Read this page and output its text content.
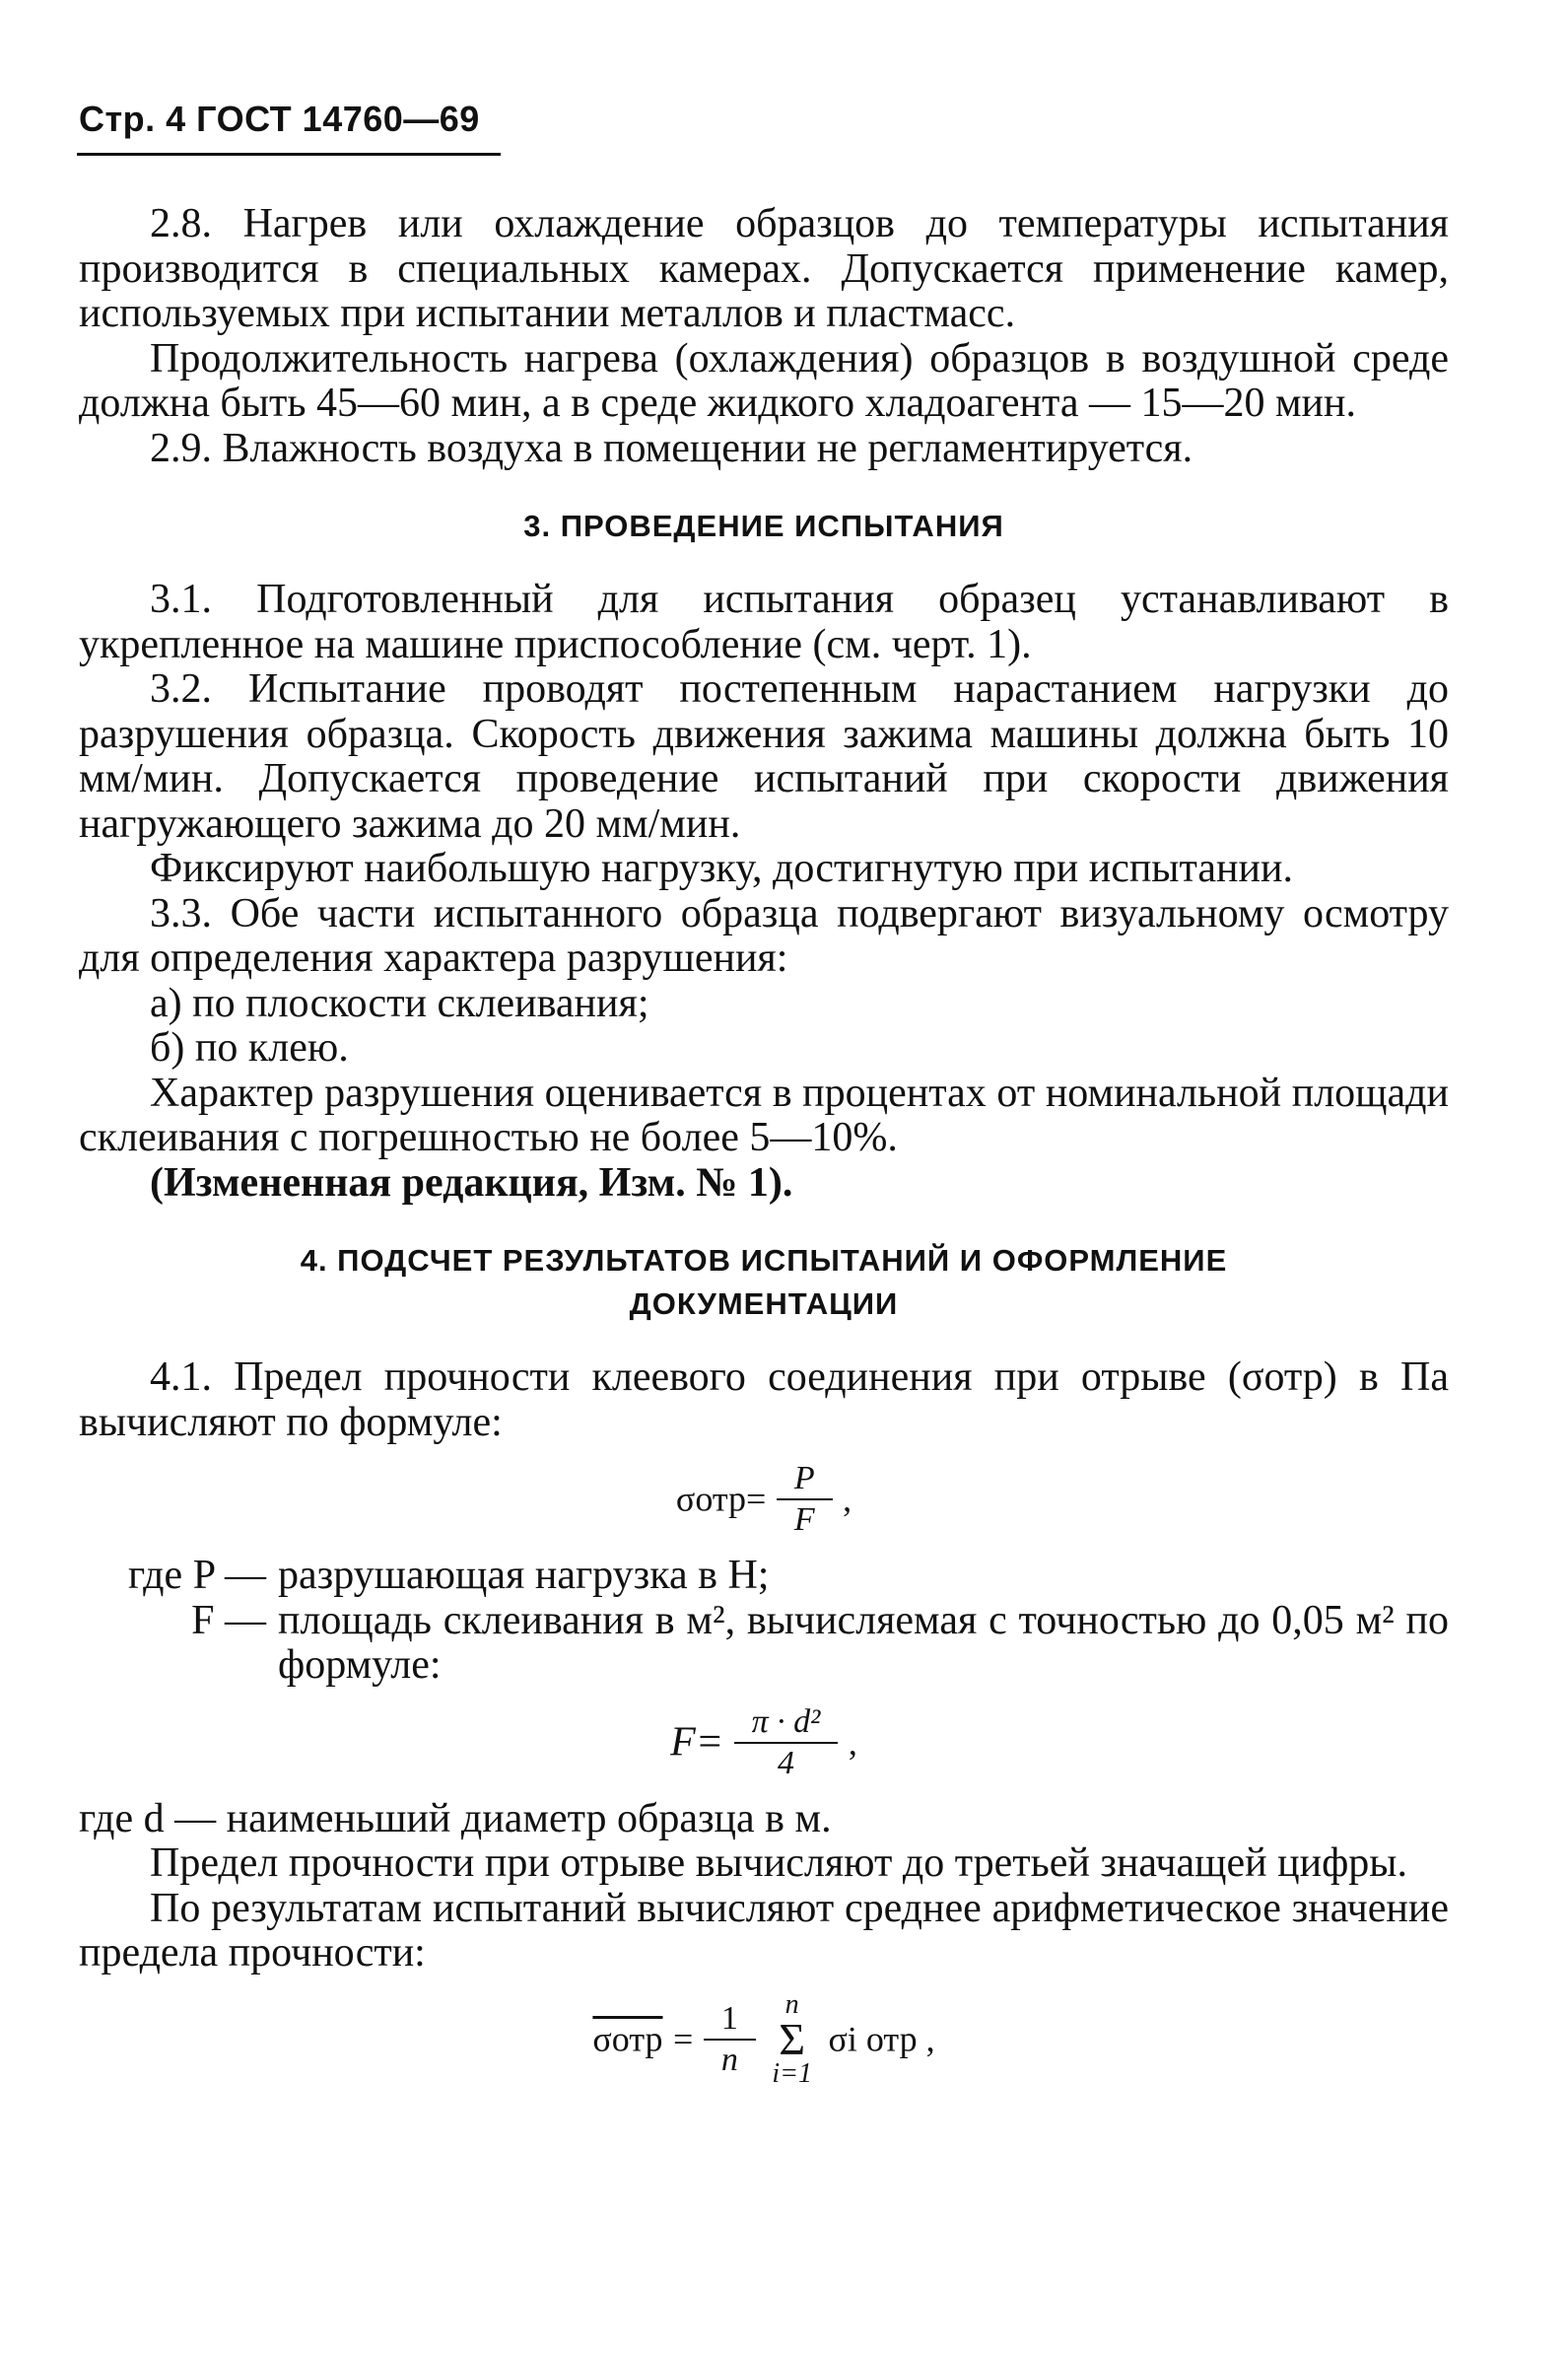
Стр. 4 ГОСТ 14760—69

2.8. Нагрев или охлаждение образцов до температуры испытания производится в специальных камерах. Допускается применение камер, используемых при испытании металлов и пластмасс.

Продолжительность нагрева (охлаждения) образцов в воздушной среде должна быть 45—60 мин, а в среде жидкого хладоагента — 15—20 мин.

2.9. Влажность воздуха в помещении не регламентируется.

3. ПРОВЕДЕНИЕ ИСПЫТАНИЯ

3.1. Подготовленный для испытания образец устанавливают в укрепленное на машине приспособление (см. черт. 1).

3.2. Испытание проводят постепенным нарастанием нагрузки до разрушения образца. Скорость движения зажима машины должна быть 10 мм/мин. Допускается проведение испытаний при скорости движения нагружающего зажима до 20 мм/мин.

Фиксируют наибольшую нагрузку, достигнутую при испытании.

3.3. Обе части испытанного образца подвергают визуальному осмотру для определения характера разрушения:

а) по плоскости склеивания;

б) по клею.

Характер разрушения оценивается в процентах от номинальной площади склеивания с погрешностью не более 5—10%.

(Измененная редакция, Изм. № 1).

4. ПОДСЧЕТ РЕЗУЛЬТАТОВ ИСПЫТАНИЙ И ОФОРМЛЕНИЕ
ДОКУМЕНТАЦИИ

4.1. Предел прочности клеевого соединения при отрыве (σотр) в Па вычисляют по формуле:

$\sigma отр= \frac{P}{F}$ ,
где P — разрушающая нагрузка в Н;
F — площадь склеивания в м², вычисляемая с точностью до 0,05 м² по формуле:
$F= \frac{\text{π · d²}}{4}$ ,

где d — наименьший диаметр образца в м.

Предел прочности при отрыве вычисляют до третьей значащей цифры.

По результатам испытаний вычисляют среднее арифметическое значение предела прочности:

$\sigma отр = \frac{1}{n}$
	n
Σ
i=1
σi отр ,
